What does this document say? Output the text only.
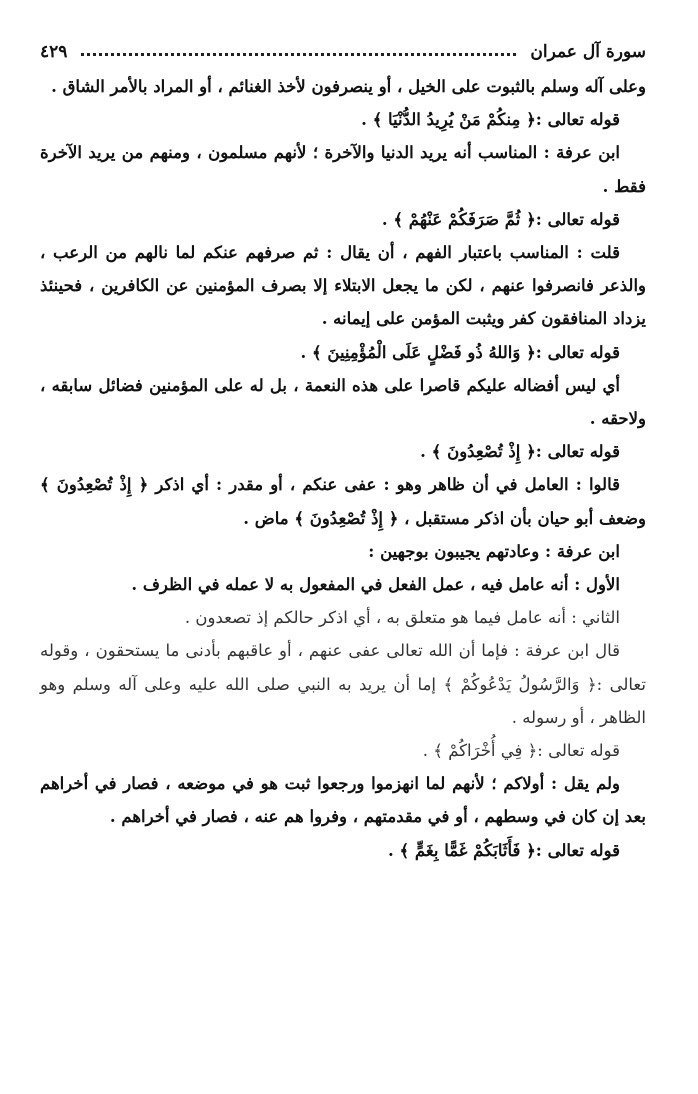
سورة آل عمران
٤٢٩

وعلى آله وسلم بالثبوت على الخيل ، أو ينصرفون لأخذ الغنائم ، أو المراد بالأمر الشاق .

قوله تعالى :﴿ مِنكُمْ مَنْ يُرِيدُ الدُّنْيَا ﴾ .

ابن عرفة : المناسب أنه يريد الدنيا والآخرة ؛ لأنهم مسلمون ، ومنهم من يريد الآخرة فقط .

قوله تعالى :﴿ ثُمَّ صَرَفَكُمْ عَنْهُمْ ﴾ .

قلت : المناسب باعتبار الفهم ، أن يقال : ثم صرفهم عنكم لما نالهم من الرعب ، والذعر فانصرفوا عنهم ، لكن ما يجعل الابتلاء إلا بصرف المؤمنين عن الكافرين ، فحينئذ يزداد المنافقون كفر ويثبت المؤمن على إيمانه .

قوله تعالى :﴿ وَاللهُ ذُو فَضْلٍ عَلَى الْمُؤْمِنِينَ ﴾ .

أي ليس أفضاله عليكم قاصرا على هذه النعمة ، بل له على المؤمنين فضائل سابقه ، ولاحقه .

قوله تعالى :﴿ إِذْ تُصْعِدُونَ ﴾ .

قالوا : العامل في أن ظاهر وهو : عفى عنكم ، أو مقدر : أي اذكر ﴿ إِذْ تُصْعِدُونَ ﴾ وضعف أبو حيان بأن اذكر مستقبل ، ﴿ إِذْ تُصْعِدُونَ ﴾ ماض .

ابن عرفة : وعادتهم يجيبون بوجهين :

الأول : أنه عامل فيه ، عمل الفعل في المفعول به لا عمله في الظرف .

الثاني : أنه عامل فيما هو متعلق به ، أي اذكر حالكم إذ تصعدون .

قال ابن عرفة : فإما أن الله تعالى عفى عنهم ، أو عاقبهم بأدنى ما يستحقون ، وقوله تعالى :﴿ وَالرَّسُولُ يَدْعُوكُمْ ﴾ إما أن يريد به النبي صلى الله عليه وعلى آله وسلم وهو الظاهر ، أو رسوله .

قوله تعالى :﴿ فِي أُخْرَاكُمْ ﴾ .

ولم يقل : أولاكم ؛ لأنهم لما انهزموا ورجعوا ثبت هو في موضعه ، فصار في أخراهم بعد إن كان في وسطهم ، أو في مقدمتهم ، وفروا هم عنه ، فصار في أخراهم .

قوله تعالى :﴿ فَأَثَابَكُمْ غَمًّا بِغَمٍّ ﴾ .
